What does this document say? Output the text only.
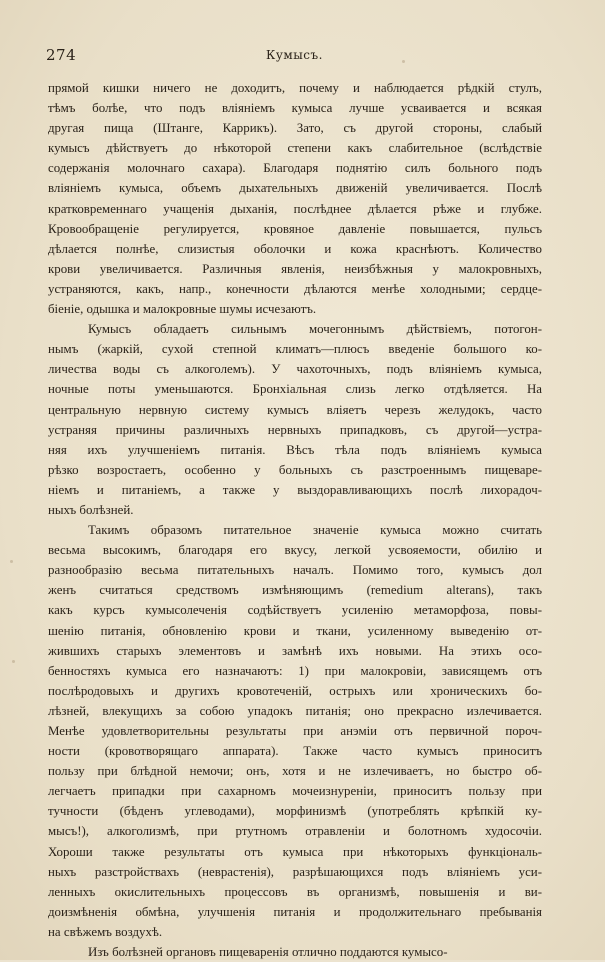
274	Кумысъ.
прямой кишки ничего не доходитъ, почему и наблюдается рѣдкій стулъ,
тѣмъ болѣе, что подъ вліяніемъ кумыса лучше усваивается и всякая
другая пища (Штанге, Каррикъ). Зато, съ другой стороны, слабый
кумысъ дѣйствуетъ до нѣкоторой степени какъ слабительное (вслѣдствіе
содержанія молочнаго сахара). Благодаря поднятію силъ больного подъ
вліяніемъ кумыса, объемъ дыхательныхъ движеній увеличивается. Послѣ
кратковременнаго учащенія дыханія, послѣднее дѣлается рѣже и глубже.
Кровообращеніе регулируется, кровяное давленіе повышается, пульсъ
дѣлается полнѣе, слизистыя оболочки и кожа краснѣютъ. Количество
крови увеличивается. Различныя явленія, неизбѣжныя у малокровныхъ,
устраняются, какъ, напр., конечности дѣлаются менѣе холодными; сердце-
біеніе, одышка и малокровные шумы исчезаютъ.
Кумысъ обладаетъ сильнымъ мочегоннымъ дѣйствіемъ, потогон-
нымъ (жаркій, сухой степной климатъ—плюсъ введеніе большого ко-
личества воды съ алкоголемъ). У чахоточныхъ, подъ вліяніемъ кумыса,
ночные поты уменьшаются. Бронхіальная слизь легко отдѣляется. На
центральную нервную систему кумысъ вліяетъ черезъ желудокъ, часто
устраняя причины различныхъ нервныхъ припадковъ, съ другой—устра-
няя ихъ улучшеніемъ питанія. Вѣсъ тѣла подъ вліяніемъ кумыса
рѣзко возростаетъ, особенно у больныхъ съ разстроеннымъ пищеваре-
ніемъ и питаніемъ, а также у выздоравливающихъ послѣ лихорадоч-
ныхъ болѣзней.
Такимъ образомъ питательное значеніе кумыса можно считать
весьма высокимъ, благодаря его вкусу, легкой усвояемости, обилію и
разнообразію весьма питательныхъ началъ. Помимо того, кумысъ дол
женъ считаться средствомъ измѣняющимъ (remedium alterans), такъ
какъ курсъ кумысолеченія содѣйствуетъ усиленію метаморфоза, повы-
шенію питанія, обновленію крови и ткани, усиленному выведенію от-
жившихъ старыхъ элементовъ и замѣнѣ ихъ новыми. На этихъ осо-
бенностяхъ кумыса его назначаютъ: 1) при малокровіи, зависящемъ отъ
послѣродовыхъ и другихъ кровотеченій, острыхъ или хроническихъ бо-
лѣзней, влекущихъ за собою упадокъ питанія; оно прекрасно излечивается.
Менѣе удовлетворительны результаты при анэміи отъ первичной пороч-
ности (кровотворящаго аппарата). Также часто кумысъ приноситъ
пользу при блѣдной немочи; онъ, хотя и не излечиваетъ, но быстро об-
легчаетъ припадки при сахарномъ мочеизнуреніи, приноситъ пользу при
тучности (бѣдeнъ углеводами), морфинизмѣ (употреблять крѣпкій ку-
мысъ!), алкоголизмѣ, при ртутномъ отравленіи и болотномъ худосочіи.
Хороши также результаты отъ кумыса при нѣкоторыхъ функціональ-
ныхъ разстройствахъ (неврастенія), разрѣшающихся подъ вліяніемъ уси-
ленныхъ окислительныхъ процессовъ въ организмѣ, повышенія и ви-
доизмѣненія обмѣна, улучшенія питанія и продолжительнаго пребыванія
на свѣжемъ воздухѣ.
Изъ болѣзней органовъ пищеваренія отлично поддаются кумысо-
